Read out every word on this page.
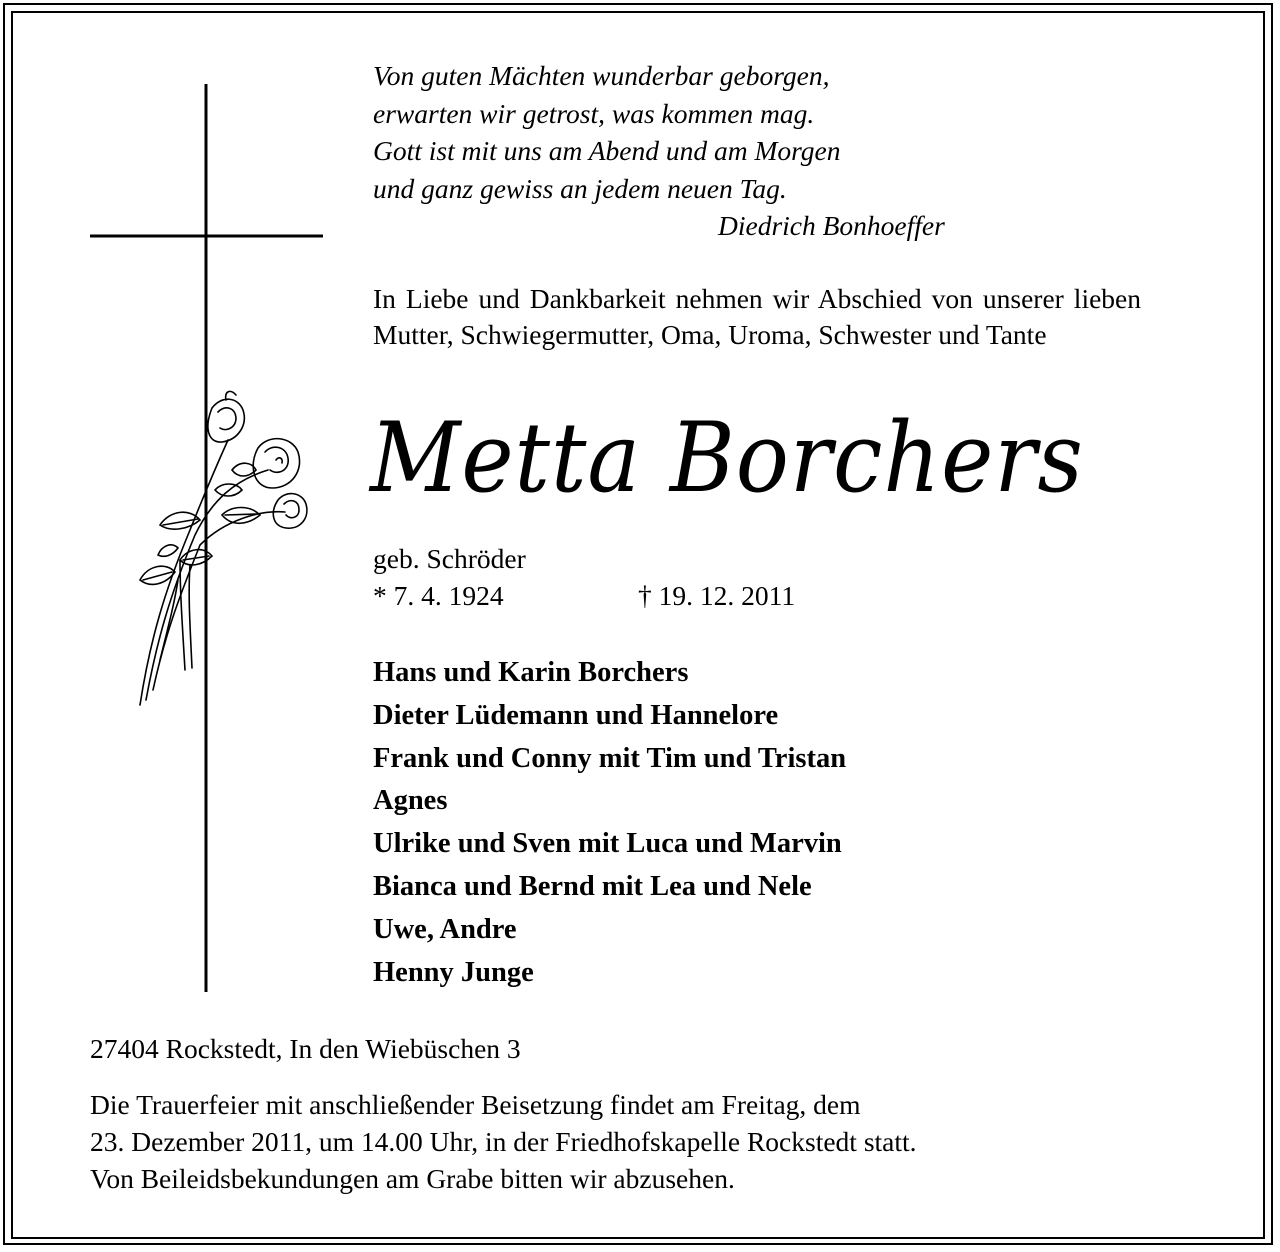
Von guten Mächten wunderbar geborgen,
erwarten wir getrost, was kommen mag.
Gott ist mit uns am Abend und am Morgen
und ganz gewiss an jedem neuen Tag.
Diedrich Bonhoeffer
In Liebe und Dankbarkeit nehmen wir Abschied von unserer lieben Mutter, Schwiegermutter, Oma, Uroma, Schwester und Tante
Metta Borchers
geb. Schröder
* 7. 4. 1924	† 19. 12. 2011
Hans und Karin Borchers
Dieter Lüdemann und Hannelore
Frank und Conny mit Tim und Tristan
Agnes
Ulrike und Sven mit Luca und Marvin
Bianca und Bernd mit Lea und Nele
Uwe, Andre
Henny Junge
27404 Rockstedt, In den Wiebüschen 3
Die Trauerfeier mit anschließender Beisetzung findet am Freitag, dem
23. Dezember 2011, um 14.00 Uhr, in der Friedhofskapelle Rockstedt statt.
Von Beileidsbekundungen am Grabe bitten wir abzusehen.
